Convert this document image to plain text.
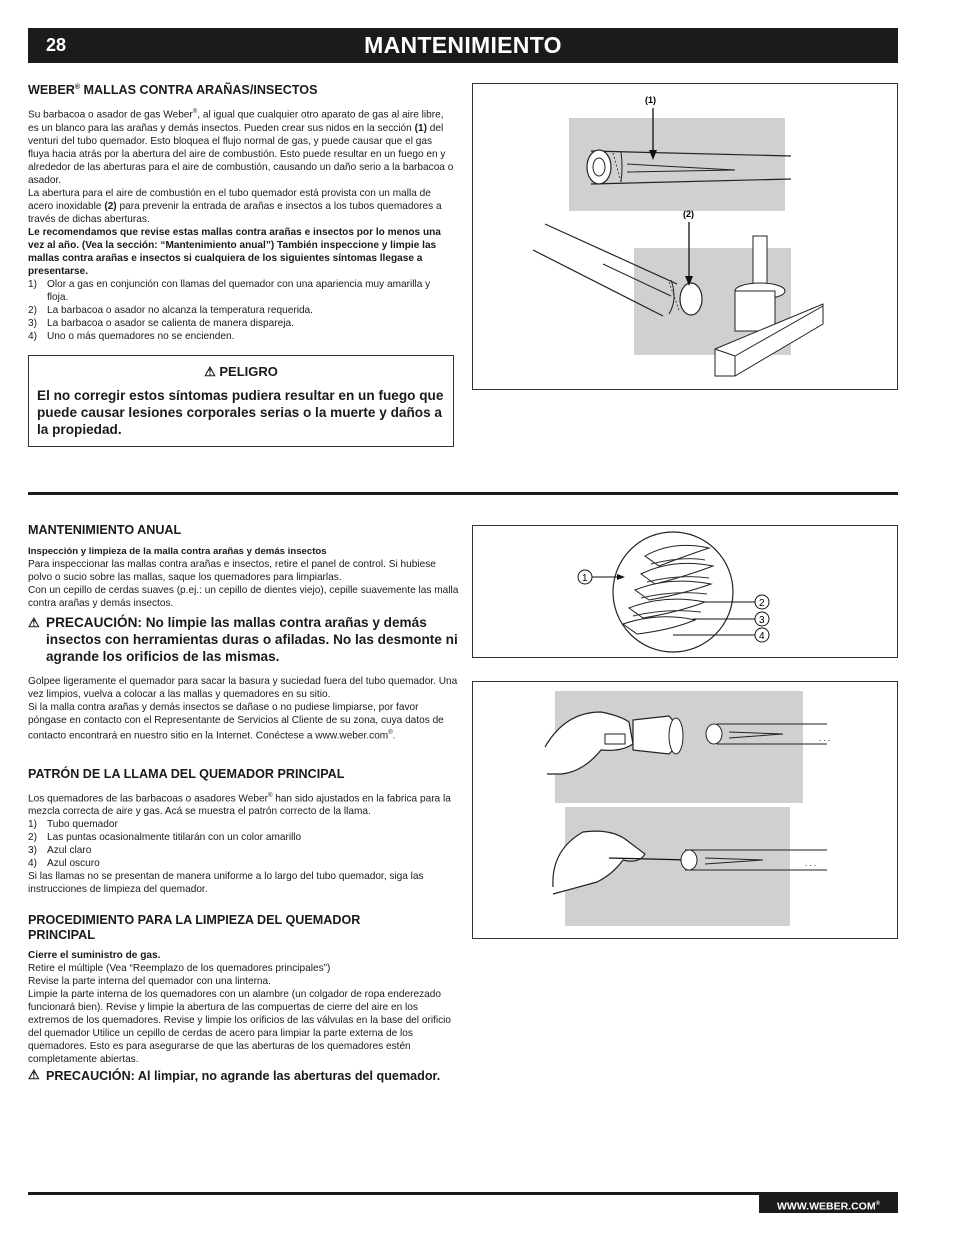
28	MANTENIMIENTO
WEBER® MALLAS CONTRA ARAÑAS/INSECTOS

Su barbacoa o asador de gas Weber®, al igual que cualquier otro aparato de gas al aire libre, es un blanco para las arañas y demás insectos. Pueden crear sus nidos en la sección (1) del venturi del tubo quemador. Esto bloquea el flujo normal de gas, y puede causar que el gas fluya hacia atrás por la abertura del aire de combustión. Esto puede resultar en un fuego en y alrededor de las aberturas para el aire de combustión, causando un daño serio a la barbacoa o asador.

La abertura para el aire de combustión en el tubo quemador está provista con un malla de acero inoxidable (2) para prevenir la entrada de arañas e insectos a los tubos quemadores a través de dichas aberturas.

Le recomendamos que revise estas mallas contra arañas e insectos por lo menos una vez al año. (Vea la sección: “Mantenimiento anual”) También inspeccione y limpie las mallas contra arañas e insectos si cualquiera de los siguientes síntomas llegase a presentarse.

1) Olor a gas en conjunción con llamas del quemador con una apariencia muy amarilla y floja.
2) La barbacoa o asador no alcanza la temperatura requerida.
3) La barbacoa o asador se calienta de manera dispareja.
4) Uno o más quemadores no se encienden.
⚠ PELIGRO
El no corregir estos síntomas pudiera resultar en un fuego que puede causar lesiones corporales serias o la muerte y daños a la propiedad.
(1)
(2)
MANTENIMIENTO ANUAL

Inspección y limpieza de la malla contra arañas y demás insectos

Para inspeccionar las mallas contra arañas e insectos, retire el panel de control. Si hubiese polvo o sucio sobre las mallas, saque los quemadores para limpiarlas.

Con un cepillo de cerdas suaves (p.ej.: un cepillo de dientes viejo), cepille suavemente las malla contra arañas y demás insectos.

⚠ PRECAUCIÓN: No limpie las mallas contra arañas y demás insectos con herramientas duras o afiladas. No las desmonte ni agrande los orificios de las mismas.

Golpee ligeramente el quemador para sacar la basura y suciedad fuera del tubo quemador. Una vez limpios, vuelva a colocar a las mallas y quemadores en su sitio.

Si la malla contra arañas y demás insectos se dañase o no pudiese limpiarse, por favor póngase en contacto con el Representante de Servicios al Cliente de su zona, cuya datos de contacto encontrará en nuestro sitio en la Internet. Conéctese a www.weber.com®.

PATRÓN DE LA LLAMA DEL QUEMADOR PRINCIPAL

Los quemadores de las barbacoas o asadores Weber® han sido ajustados en la fabrica para la mezcla correcta de aire y gas. Acá se muestra el patrón correcto de la llama.

1) Tubo quemador
2) Las puntas ocasionalmente titilarán con un color amarillo
3) Azul claro
4) Azul oscuro

Si las llamas no se presentan de manera uniforme a lo largo del tubo quemador, siga las instrucciones de limpieza del quemador.

PROCEDIMIENTO PARA LA LIMPIEZA DEL QUEMADOR PRINCIPAL

Cierre el suministro de gas.

Retire el múltiple (Vea “Reemplazo de los quemadores principales”)

Revise la parte interna del quemador con una linterna.

Limpie la parte interna de los quemadores con un alambre (un colgador de ropa enderezado funcionará bien). Revise y limpie la abertura de las compuertas de cierre del aire en los extremos de los quemadores. Revise y limpie los orificios de las válvulas en la base del orificio del quemador Utilice un cepillo de cerdas de acero para limpiar la parte externa de los quemadores. Esto es para asegurarse de que las aberturas de los quemadores estén completamente abiertas.

⚠ PRECAUCIÓN: Al limpiar, no agrande las aberturas del quemador.
1
2
3
4
. . .
. . .
WWW.WEBER.COM®
